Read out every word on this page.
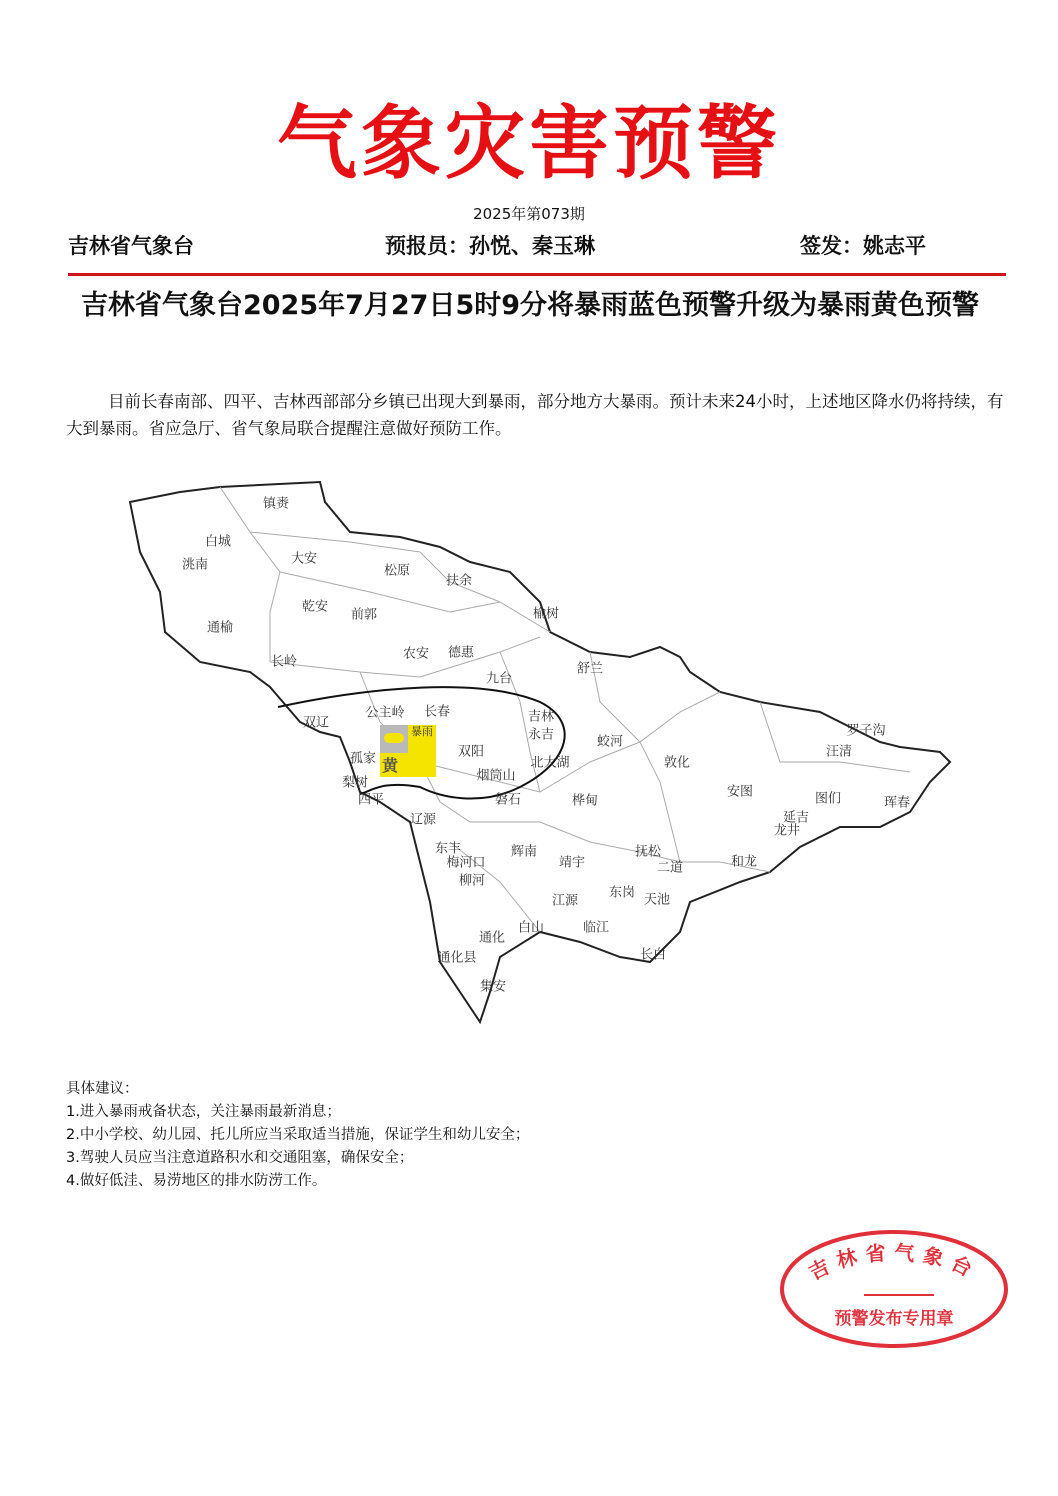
气象灾害预警
2025年第073期
吉林省气象台	预报员：孙悦、秦玉琳	签发：姚志平
吉林省气象台2025年7月27日5时9分将暴雨蓝色预警升级为暴雨黄色预警
目前长春南部、四平、吉林西部部分乡镇已出现大到暴雨，部分地方大暴雨。预计未来24小时，上述地区降水仍将持续，有大到暴雨。省应急厅、省气象局联合提醒注意做好预防工作。
镇赉
白城
洮南	大安
松原
扶余
乾安
前郭	榆树
通榆
长岭
农安 德惠
九台
舒兰
双辽
公主岭 长春	吉林
永吉	蛟河
罗子沟
汪清
敦化
孤家	双阳
北大湖
烟筒山
梨树
安图	图们	珲春
四平	磐石	桦甸
延吉
龙井
辽源
东丰	辉南
梅河口	靖宇
抚松
二道	和龙
柳河
东岗 天池
江源
临江
白山
通化
通化县	长白
集安
暴雨
黄
具体建议：
1.进入暴雨戒备状态，关注暴雨最新消息；
2.中小学校、幼儿园、托儿所应当采取适当措施，保证学生和幼儿安全；
3.驾驶人员应当注意道路积水和交通阻塞，确保安全；
4.做好低洼、易涝地区的排水防涝工作。
吉林省气象台
预警发布专用章
